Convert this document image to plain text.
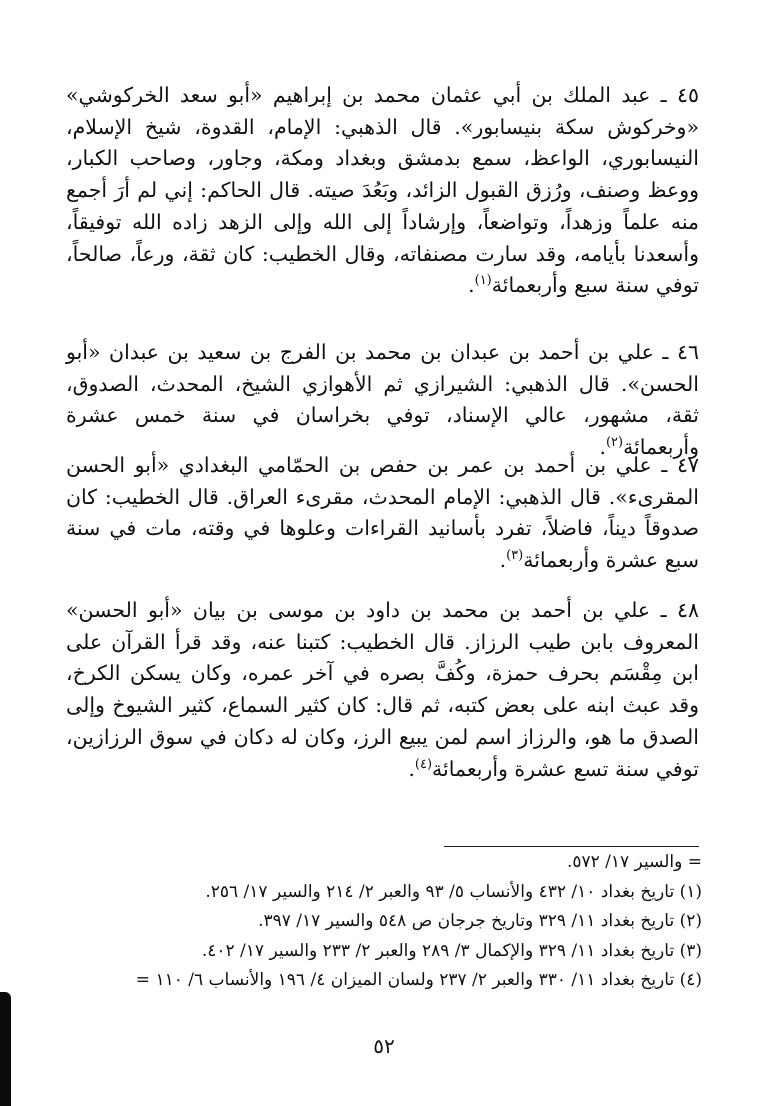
٤٥ ـ عبد الملك بن أبي عثمان محمد بن إبراهيم «أبو سعد الخركوشي» «وخركوش سكة بنيسابور». قال الذهبي: الإمام، القدوة، شيخ الإسلام، النيسابوري، الواعظ، سمع بدمشق وبغداد ومكة، وجاور، وصاحب الكبار، ووعظ وصنف، ورُزق القبول الزائد، وبَعُدَ صيته. قال الحاكم: إني لم أرَ أجمع منه علماً وزهداً، وتواضعاً، وإرشاداً إلى الله وإلى الزهد زاده الله توفيقاً، وأسعدنا بأيامه، وقد سارت مصنفاته، وقال الخطيب: كان ثقة، ورعاً، صالحاً، توفي سنة سبع وأربعمائة$^{(١)}$.
٤٦ ـ علي بن أحمد بن عبدان بن محمد بن الفرج بن سعيد بن عبدان «أبو الحسن». قال الذهبي: الشيرازي ثم الأهوازي الشيخ، المحدث، الصدوق، ثقة، مشهور، عالي الإسناد، توفي بخراسان في سنة خمس عشرة وأربعمائة$^{(٢)}$.
٤٧ ـ علي بن أحمد بن عمر بن حفص بن الحمّامي البغدادي «أبو الحسن المقرىء». قال الذهبي: الإمام المحدث، مقرىء العراق. قال الخطيب: كان صدوقاً ديناً، فاضلاً، تفرد بأسانيد القراءات وعلوها في وقته، مات في سنة سبع عشرة وأربعمائة$^{(٣)}$.
٤٨ ـ علي بن أحمد بن محمد بن داود بن موسى بن بيان «أبو الحسن» المعروف بابن طيب الرزاز. قال الخطيب: كتبنا عنه، وقد قرأ القرآن على ابن مِقْسَم بحرف حمزة، وكُفَّ بصره في آخر عمره، وكان يسكن الكرخ، وقد عبث ابنه على بعض كتبه، ثم قال: كان كثير السماع، كثير الشيوخ وإلى الصدق ما هو، والرزاز اسم لمن يبيع الرز، وكان له دكان في سوق الرزازين، توفي سنة تسع عشرة وأربعمائة$^{(٤)}$.
= والسير ١٧/ ٥٧٢.
(١) تاريخ بغداد ١٠/ ٤٣٢ والأنساب ٥/ ٩٣ والعبر ٢/ ٢١٤ والسير ١٧/ ٢٥٦.
(٢) تاريخ بغداد ١١/ ٣٢٩ وتاريخ جرجان ص ٥٤٨ والسير ١٧/ ٣٩٧.
(٣) تاريخ بغداد ١١/ ٣٢٩ والإكمال ٣/ ٢٨٩ والعبر ٢/ ٢٣٣ والسير ١٧/ ٤٠٢.
(٤) تاريخ بغداد ١١/ ٣٣٠ والعبر ٢/ ٢٣٧ ولسان الميزان ٤/ ١٩٦ والأنساب ٦/ ١١٠ =
٥٢
